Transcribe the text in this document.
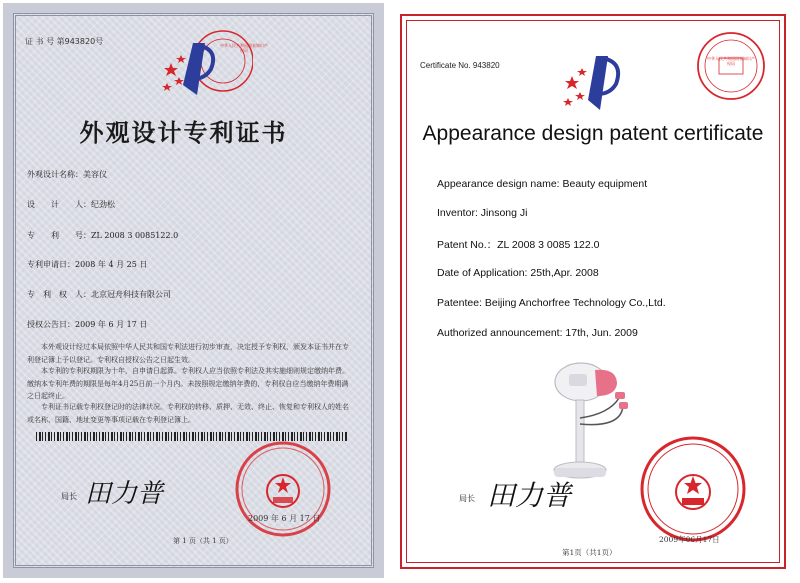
证 书 号 第943820号	中华人民共和国国家知识产权局
外观设计专利证书
外观设计名称：美容仪
设　　计　　人：纪劲松
专　　利　　号：ZL 2008 3 0085122.0
专利申请日：2008 年 4 月 25 日
专　利　权　人：北京冠舟科技有限公司
授权公告日：2009 年 6 月 17 日
本外观设计经过本局依照中华人民共和国专利法进行初步审查，决定授予专利权，颁发本证书并在专利登记簿上予以登记。专利权自授权公告之日起生效。
本专利的专利权期限为十年，自申请日起算。专利权人应当依照专利法及其实施细则规定缴纳年费。缴纳本专利年费的期限是每年4月25日前一个月内。未按照规定缴纳年费的，专利权自应当缴纳年费期满之日起终止。
专利证书记载专利权登记时的法律状况。专利权的转移、质押、无效、终止、恢复和专利权人的姓名或名称、国籍、地址变更等事项记载在专利登记簿上。
局长 田力普
2009 年 6 月 17 日
第 1 页（共 1 页）
Certificate No. 943820
中华人民共和国国家知识产权局
Appearance design patent certificate
Appearance design name: Beauty equipment
Inventor: Jinsong Ji
Patent No.：ZL 2008 3 0085 122.0
Date of Application: 25th,Apr. 2008
Patentee: Beijing Anchorfree Technology Co.,Ltd.
Authorized announcement: 17th, Jun. 2009
局长 田力普
2009年06月17日
第1页（共1页）
